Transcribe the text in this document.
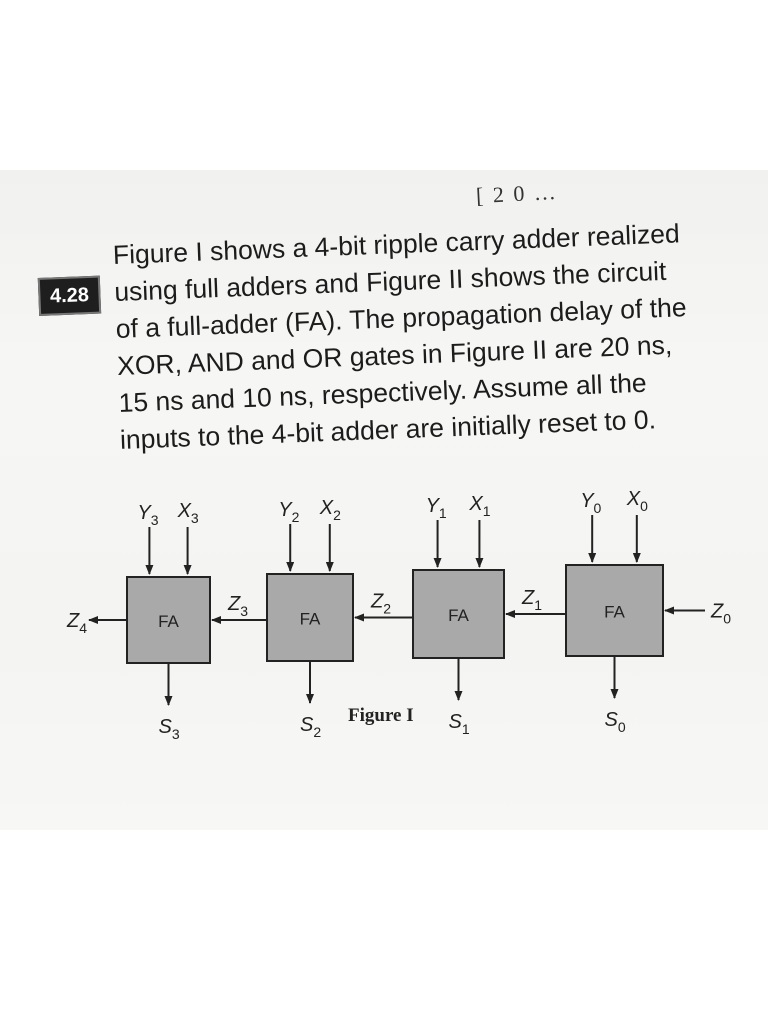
[ 2 0 …
4.28

Figure I shows a 4-bit ripple carry adder realized

using full adders and Figure II shows the circuit

of a full-adder (FA). The propagation delay of the

XOR, AND and OR gates in Figure II are 20 ns,

15 ns and 10 ns, respectively. Assume all the

inputs to the 4-bit adder are initially reset to 0.

FA
$Y_3$ $X_3$
$S_3$
$Z_3$	FA
$Y_2$ $X_2$
$S_2$
$Z_2$	FA
$Y_1$ $X_1$
$S_1$
$Z_1$	FA
$Y_0$ $X_0$
$S_0$
$Z_0$
$Z_4$
Figure I
